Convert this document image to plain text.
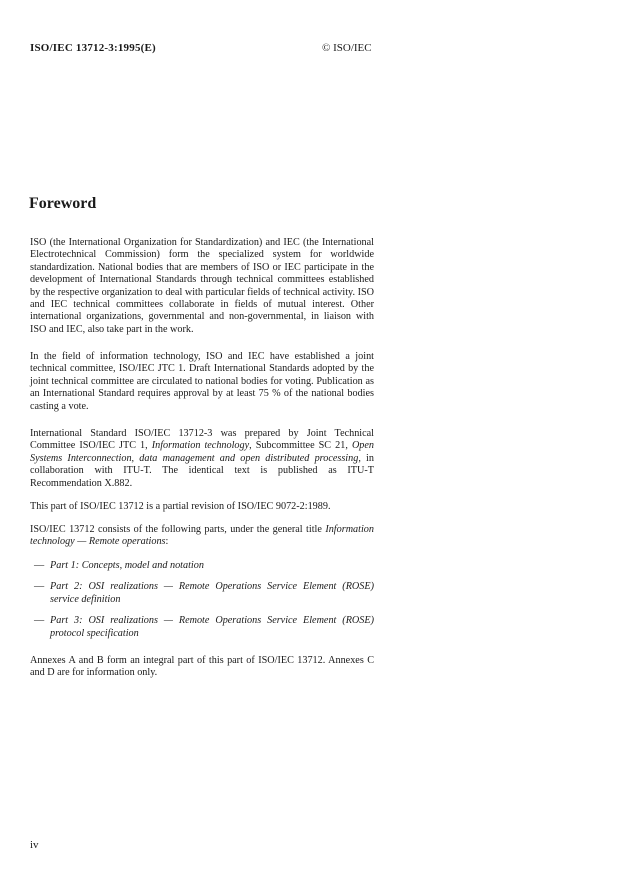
ISO/IEC 13712-3:1995(E)	© ISO/IEC
Foreword
ISO (the International Organization for Standardization) and IEC (the International Electrotechnical Commission) form the specialized system for worldwide standardization. National bodies that are members of ISO or IEC participate in the development of International Standards through technical committees established by the respective organization to deal with particular fields of technical activity. ISO and IEC technical committees collaborate in fields of mutual interest. Other international organizations, governmental and non-governmental, in liaison with ISO and IEC, also take part in the work.
In the field of information technology, ISO and IEC have established a joint technical committee, ISO/IEC JTC 1. Draft International Standards adopted by the joint technical committee are circulated to national bodies for voting. Publication as an International Standard requires approval by at least 75 % of the national bodies casting a vote.
International Standard ISO/IEC 13712-3 was prepared by Joint Technical Committee ISO/IEC JTC 1, Information technology, Subcommittee SC 21, Open Systems Interconnection, data management and open distributed processing, in collaboration with ITU-T. The identical text is published as ITU-T Recommendation X.882.
This part of ISO/IEC 13712 is a partial revision of ISO/IEC 9072-2:1989.
ISO/IEC 13712 consists of the following parts, under the general title Information technology — Remote operations:
— Part 1: Concepts, model and notation
— Part 2: OSI realizations — Remote Operations Service Element (ROSE) service definition
— Part 3: OSI realizations — Remote Operations Service Element (ROSE) protocol specification
Annexes A and B form an integral part of this part of ISO/IEC 13712. Annexes C and D are for information only.
iv
